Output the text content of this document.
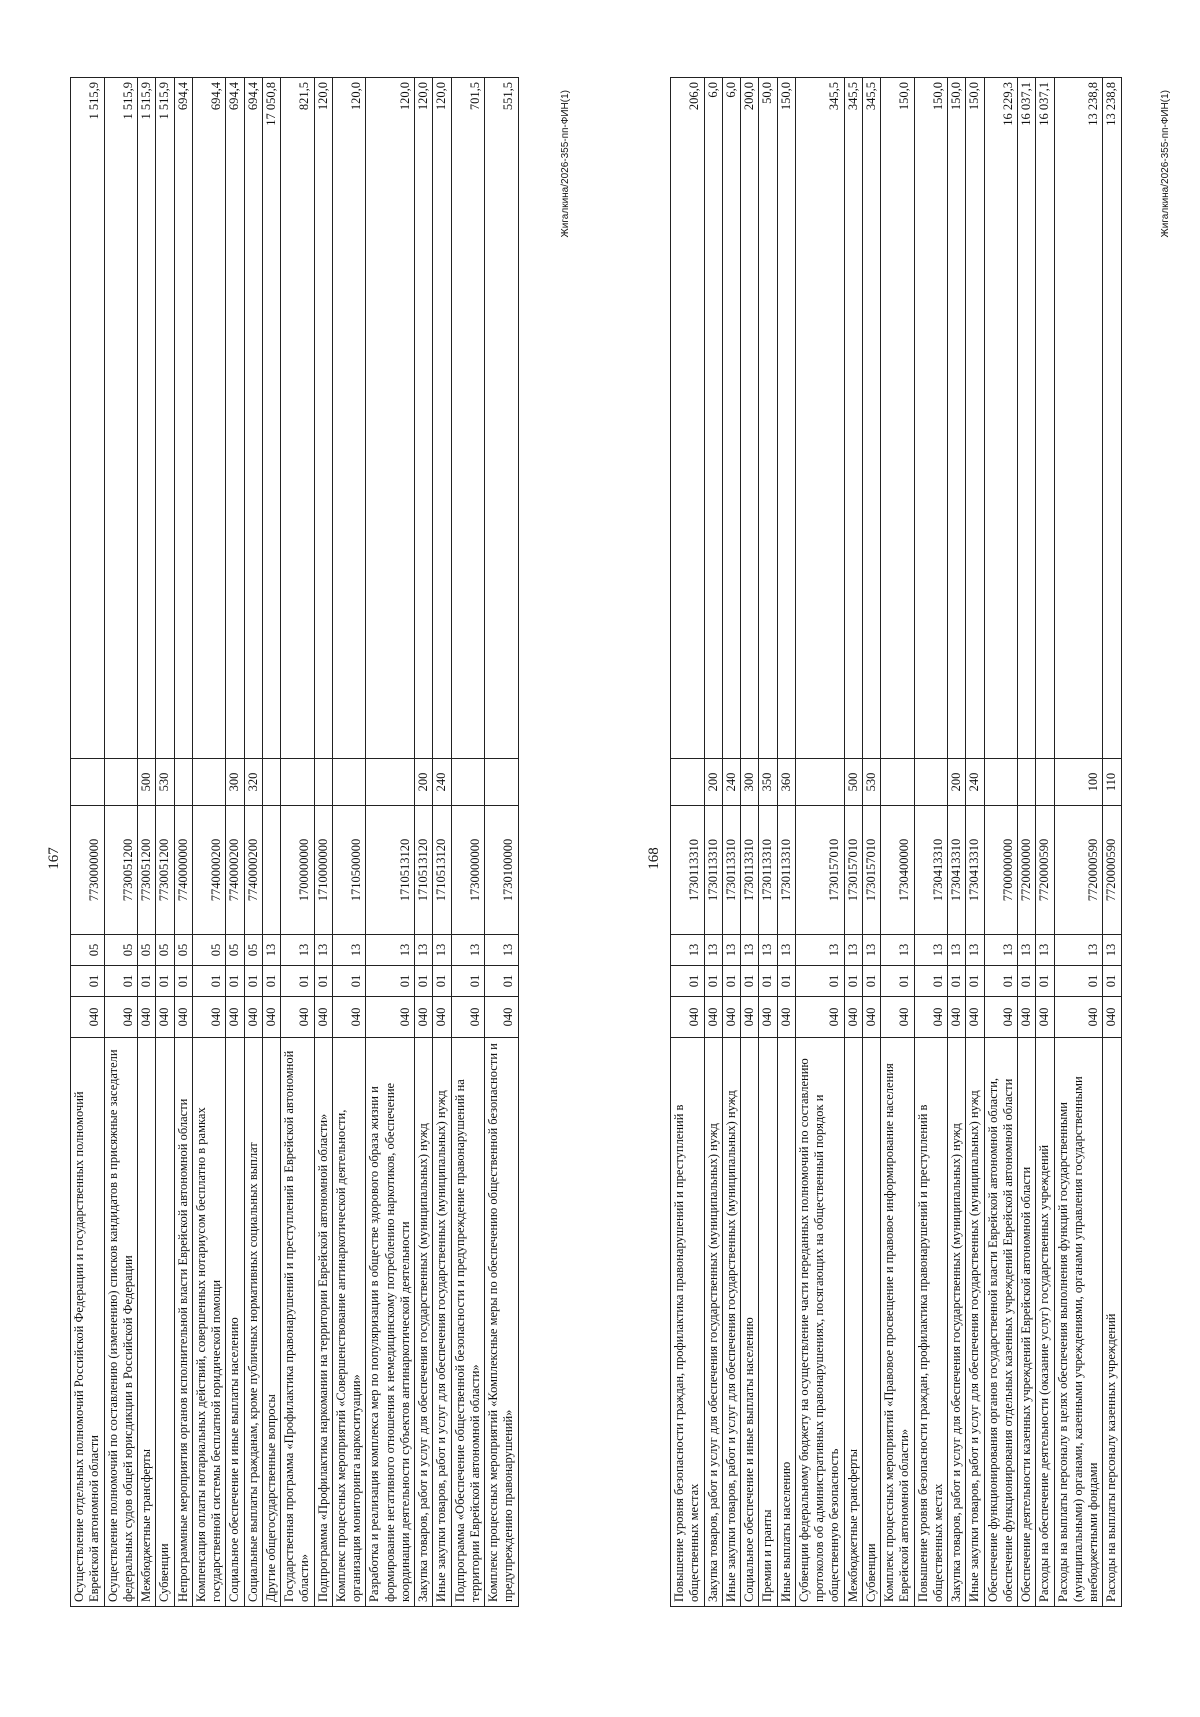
167
Осуществление отдельных полномочий Российской Федерации и государственных полномочий Еврейской автономной области	040	01	05	7730000000		1 515,9
Осуществление полномочий по составлению (изменению) списков кандидатов в присяжные заседатели федеральных судов общей юрисдикции в Российской Федерации	040	01	05	7730051200		1 515,9
Межбюджетные трансферты	040	01	05	7730051200	500	1 515,9
Субвенции	040	01	05	7730051200	530	1 515,9
Непрограммные мероприятия органов исполнительной власти Еврейской автономной области	040	01	05	7740000000		694,4
Компенсация оплаты нотариальных действий, совершенных нотариусом бесплатно в рамках государственной системы бесплатной юридической помощи	040	01	05	7740000200		694,4
Социальное обеспечение и иные выплаты населению	040	01	05	7740000200	300	694,4
Социальные выплаты гражданам, кроме публичных нормативных социальных выплат	040	01	05	7740000200	320	694,4
Другие общегосударственные вопросы	040	01	13			17 050,8
Государственная программа «Профилактика правонарушений и преступлений в Еврейской автономной области»	040	01	13	1700000000		821,5
Подпрограмма «Профилактика наркомании на территории Еврейской автономной области»	040	01	13	1710000000		120,0
Комплекс процессных мероприятий «Совершенствование антинаркотической деятельности, организация мониторинга наркоситуации»	040	01	13	1710500000		120,0
Разработка и реализация комплекса мер по популяризации в обществе здорового образа жизни и формирование негативного отношения к немедицинскому потреблению наркотиков, обеспечение координации деятельности субъектов антинаркотической деятельности	040	01	13	1710513120		120,0
Закупка товаров, работ и услуг для обеспечения государственных (муниципальных) нужд	040	01	13	1710513120	200	120,0
Иные закупки товаров, работ и услуг для обеспечения государственных (муниципальных) нужд	040	01	13	1710513120	240	120,0
Подпрограмма «Обеспечение общественной безопасности и предупреждение правонарушений на территории Еврейской автономной области»	040	01	13	1730000000		701,5
Комплекс процессных мероприятий «Комплексные меры по обеспечению общественной безопасности и предупреждению правонарушений»	040	01	13	1730100000		551,5	Жигалкина/2026-355-пп-ФИН(1)
168
Повышение уровня безопасности граждан, профилактика правонарушений и преступлений в общественных местах	040	01	13	1730113310		206,0
Закупка товаров, работ и услуг для обеспечения государственных (муниципальных) нужд	040	01	13	1730113310	200	6,0
Иные закупки товаров, работ и услуг для обеспечения государственных (муниципальных) нужд	040	01	13	1730113310	240	6,0
Социальное обеспечение и иные выплаты населению	040	01	13	1730113310	300	200,0
Премии и гранты	040	01	13	1730113310	350	50,0
Иные выплаты населению	040	01	13	1730113310	360	150,0
Субвенции федеральному бюджету на осуществление части переданных полномочий по составлению протоколов об административных правонарушениях, посягающих на общественный порядок и общественную безопасность	040	01	13	1730157010		345,5
Межбюджетные трансферты	040	01	13	1730157010	500	345,5
Субвенции	040	01	13	1730157010	530	345,5
Комплекс процессных мероприятий «Правовое просвещение и правовое информирование населения Еврейской автономной области»	040	01	13	1730400000		150,0
Повышение уровня безопасности граждан, профилактика правонарушений и преступлений в общественных местах	040	01	13	1730413310		150,0
Закупка товаров, работ и услуг для обеспечения государственных (муниципальных) нужд	040	01	13	1730413310	200	150,0
Иные закупки товаров, работ и услуг для обеспечения государственных (муниципальных) нужд	040	01	13	1730413310	240	150,0
Обеспечение функционирования органов государственной власти Еврейской автономной области, обеспечение функционирования отдельных казенных учреждений Еврейской автономной области	040	01	13	7700000000		16 229,3
Обеспечение деятельности казенных учреждений Еврейской автономной области	040	01	13	7720000000		16 037,1
Расходы на обеспечение деятельности (оказание услуг) государственных учреждений	040	01	13	7720000590		16 037,1
Расходы на выплаты персоналу в целях обеспечения выполнения функций государственными (муниципальными) органами, казенными учреждениями, органами управления государственными внебюджетными фондами	040	01	13	7720000590	100	13 238,8
Расходы на выплаты персоналу казенных учреждений	040	01	13	7720000590	110	13 238,8	Жигалкина/2026-355-пп-ФИН(1)
